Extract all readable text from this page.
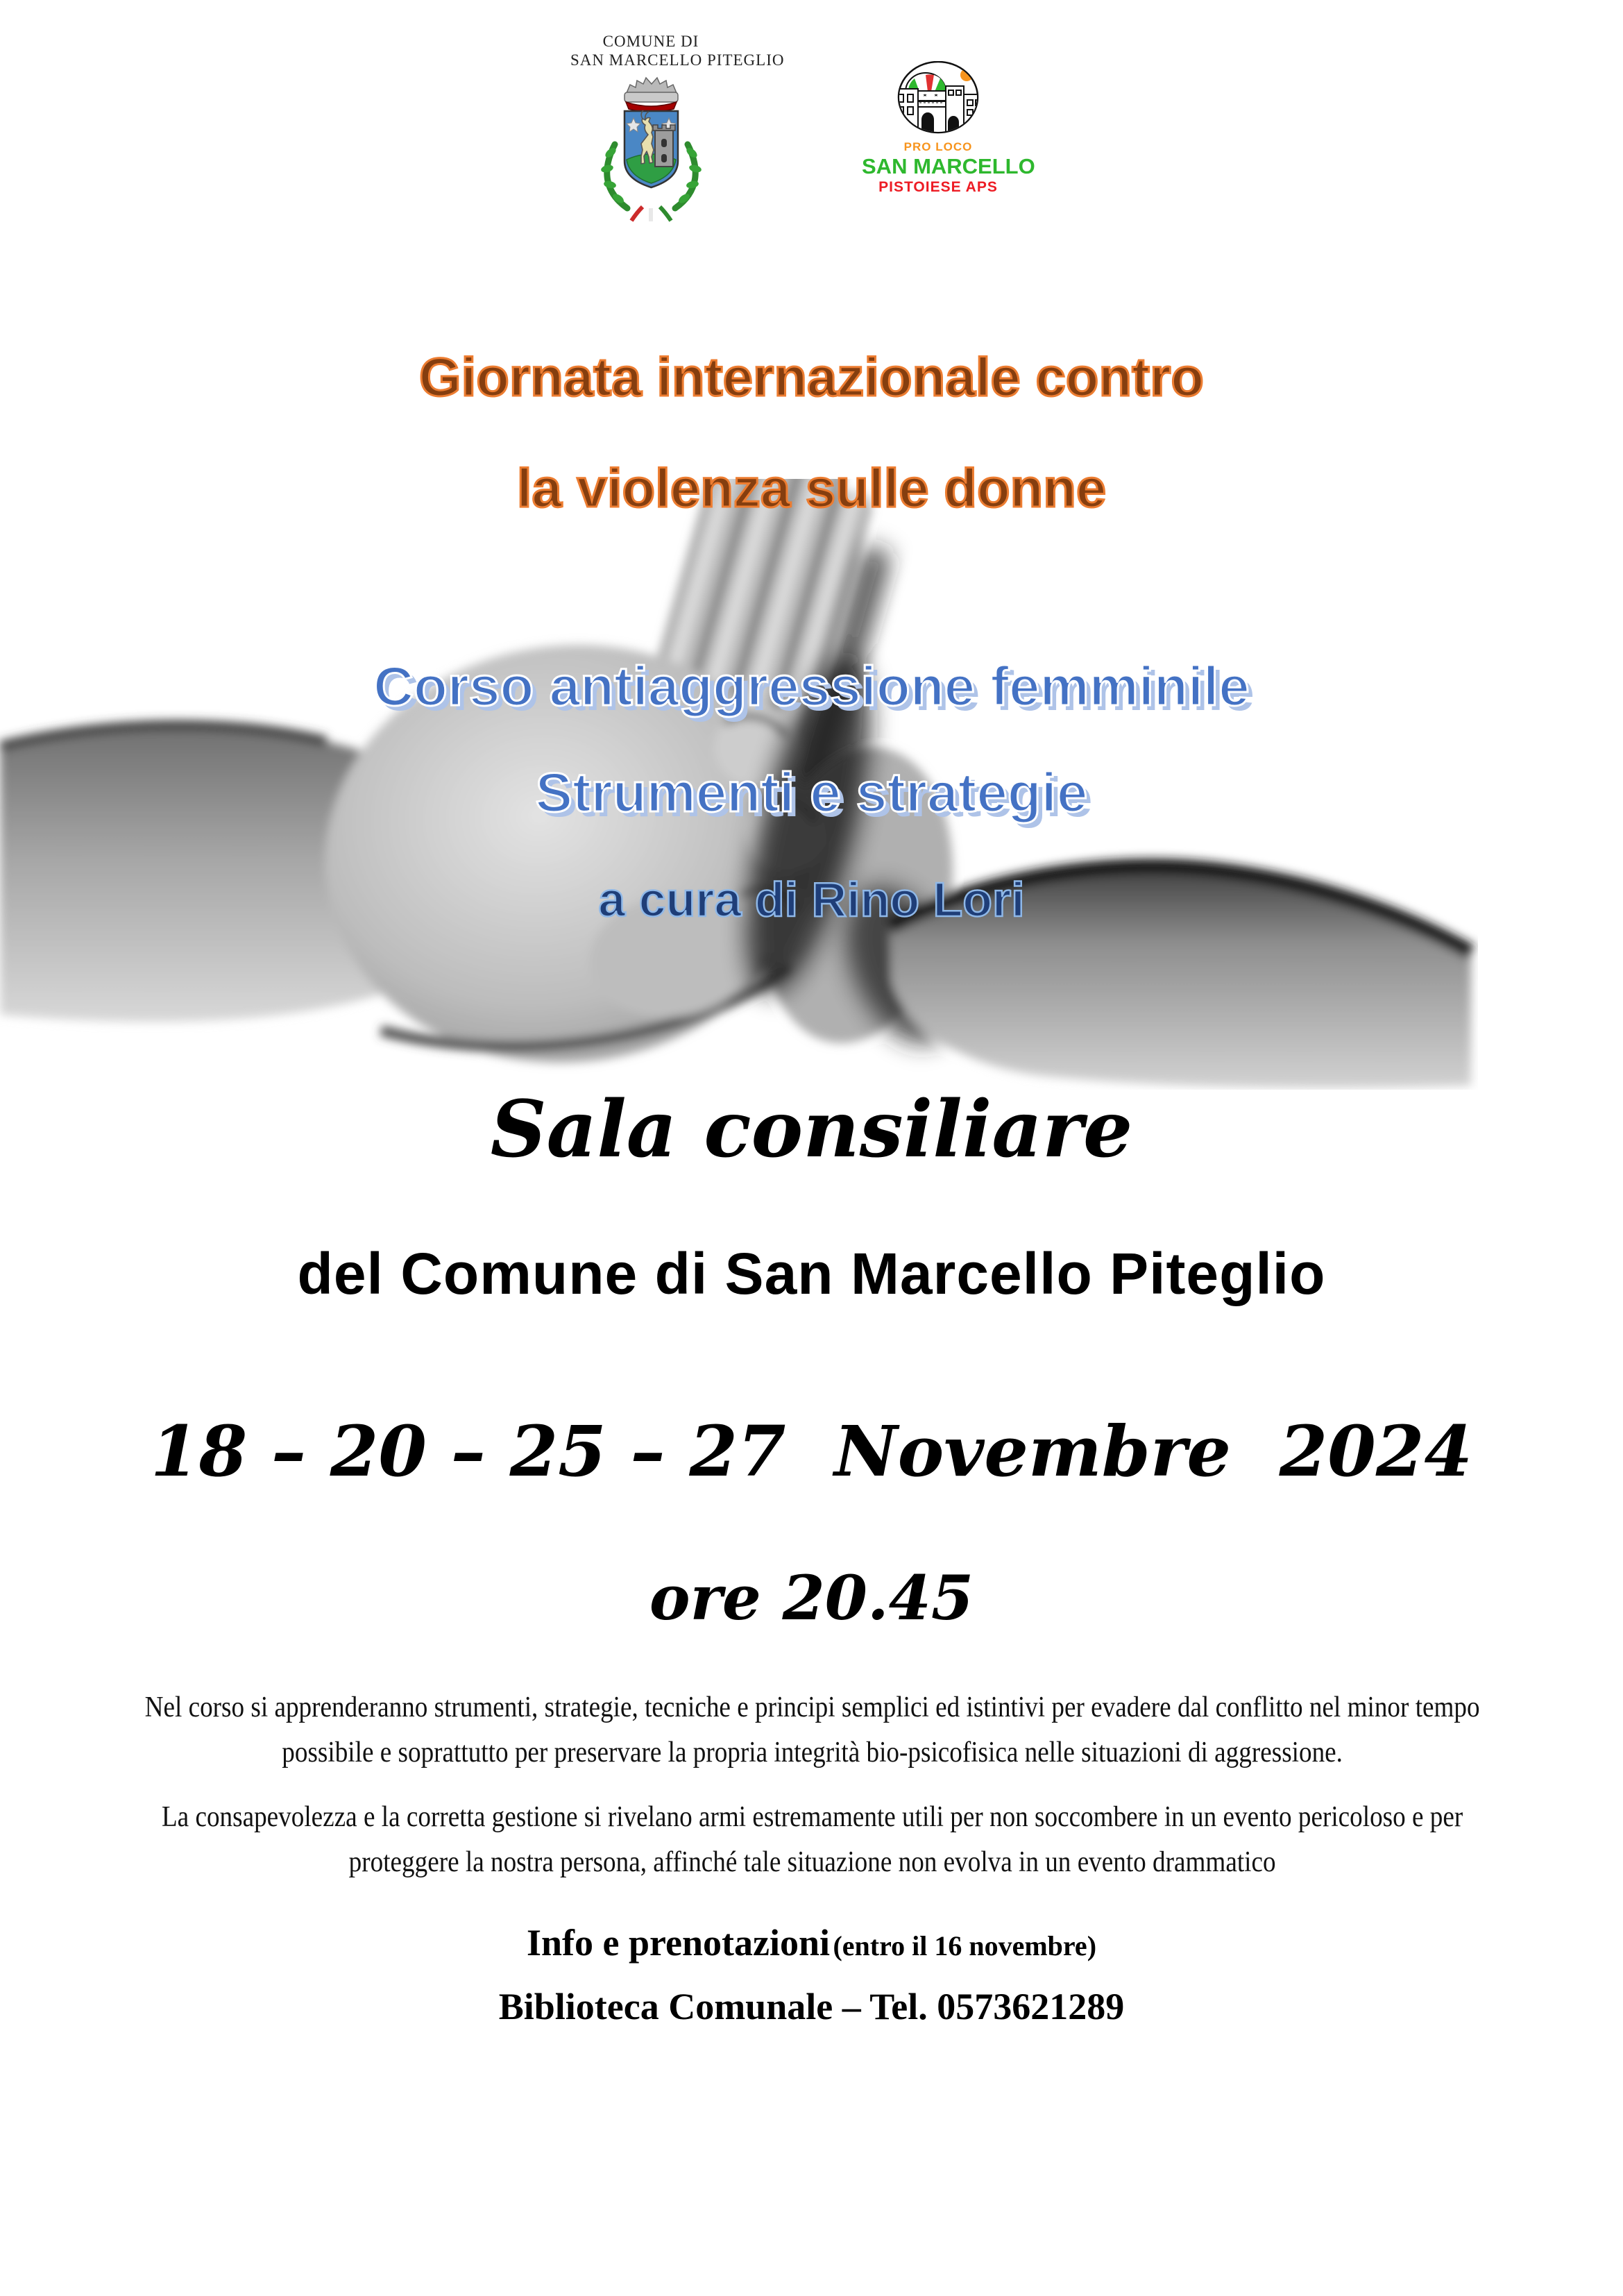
COMUNE DI
SAN MARCELLO PITEGLIO
PRO LOCO
SAN MARCELLO
PISTOIESE APS
Giornata internazionale contro
la violenza sulle donne
Corso antiaggressione femminile
Strumenti e strategie
a cura di Rino Lori
Sala consiliare
del Comune di San Marcello Piteglio
18 – 20 – 25 – 27  Novembre  2024
ore 20.45

Nel corso si apprenderanno strumenti, strategie, tecniche e principi semplici ed istintivi per evadere dal conflitto nel minor tempo possibile e soprattutto per preservare la propria integrità bio-psicofisica nelle situazioni di aggressione.

La consapevolezza e la corretta gestione si rivelano armi estremamente utili per non soccombere in un evento pericoloso e per proteggere la nostra persona, affinché tale situazione non evolva in un evento drammatico

Info e prenotazioni (entro il 16 novembre)
Biblioteca Comunale – Tel. 0573621289
